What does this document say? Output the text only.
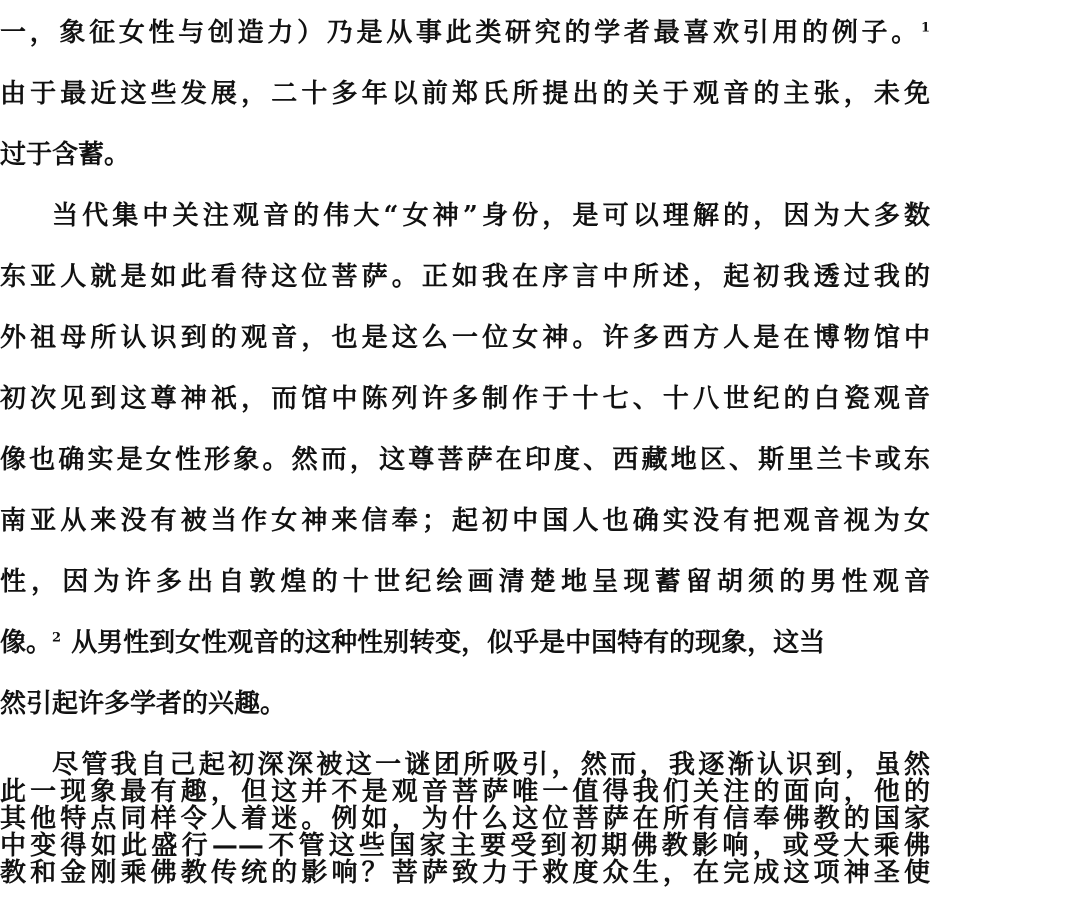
一，象征女性与创造力）乃是从事此类研究的学者最喜欢引用的例子。$^1$
由于最近这些发展，二十多年以前郑氏所提出的关于观音的主张，未免
过于含蓄。
当代集中关注观音的伟大“女神”身份，是可以理解的，因为大多数
东亚人就是如此看待这位菩萨。正如我在序言中所述，起初我透过我的
外祖母所认识到的观音，也是这么一位女神。许多西方人是在博物馆中
初次见到这尊神祇，而馆中陈列许多制作于十七、十八世纪的白瓷观音
像也确实是女性形象。然而，这尊菩萨在印度、西藏地区、斯里兰卡或东
南亚从来没有被当作女神来信奉；起初中国人也确实没有把观音视为女
性，因为许多出自敦煌的十世纪绘画清楚地呈现蓄留胡须的男性观音
像。$^2$ 从男性到女性观音的这种性别转变，似乎是中国特有的现象，这当
然引起许多学者的兴趣。
尽管我自己起初深深被这一谜团所吸引，然而，我逐渐认识到，虽然
此一现象最有趣，但这并不是观音菩萨唯一值得我们关注的面向，他的
其他特点同样令人着迷。例如，为什么这位菩萨在所有信奉佛教的国家
中变得如此盛行——不管这些国家主要受到初期佛教影响，或受大乘佛
教和金刚乘佛教传统的影响？菩萨致力于救度众生，在完成这项神圣使
